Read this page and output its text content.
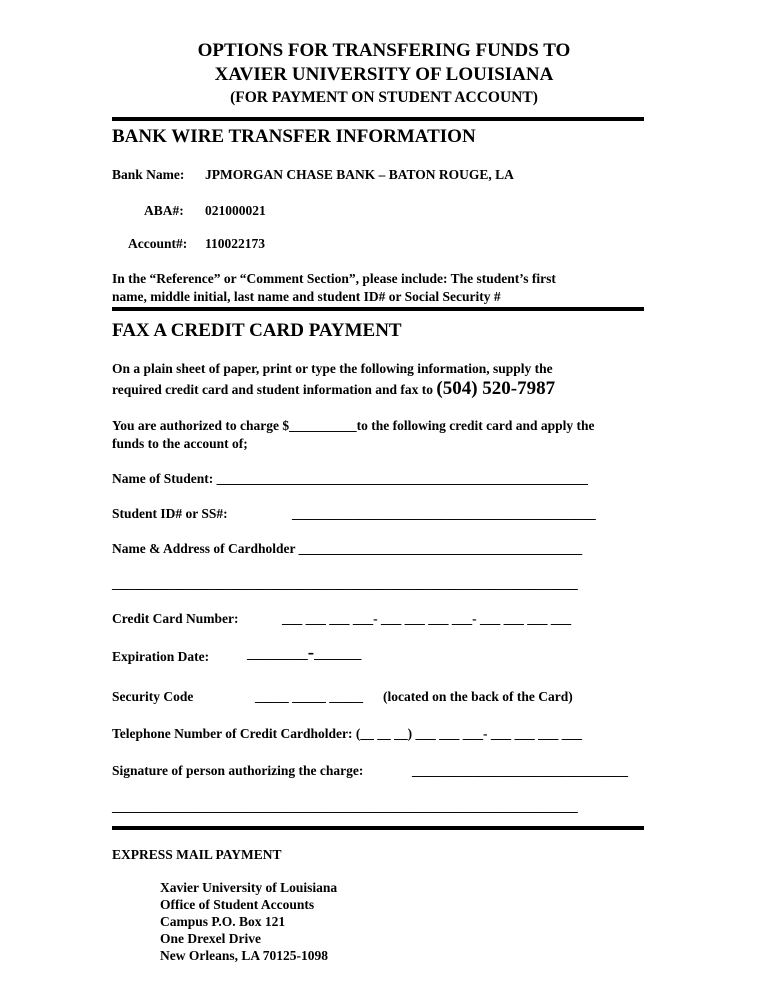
OPTIONS FOR TRANSFERING FUNDS TO
XAVIER UNIVERSITY OF LOUISIANA
(FOR PAYMENT ON STUDENT ACCOUNT)
BANK WIRE TRANSFER INFORMATION
Bank Name: JPMORGAN CHASE BANK – BATON ROUGE, LA
ABA#: 021000021
Account#: 110022173
In the “Reference” or “Comment Section”, please include: The student’s first
name, middle initial, last name and student ID# or Social Security #
FAX A CREDIT CARD PAYMENT
On a plain sheet of paper, print or type the following information, supply the
required credit card and student information and fax to (504) 520-7987
You are authorized to charge $__________to the following credit card and apply the
funds to the account of;
Name of Student: _______________________________________________________
Student ID# or SS#:	_____________________________________________
Name & Address of Cardholder __________________________________________
_____________________________________________________________________
Credit Card Number:	___ ___ ___ ___- ___ ___ ___ ___- ___ ___ ___ ___
Expiration Date:	_________-_______
Security Code	_____ _____ _____ (located on the back of the Card)
Telephone Number of Credit Cardholder: (__ __ __) ___ ___ ___- ___ ___ ___ ___
Signature of person authorizing the charge:	________________________________
_____________________________________________________________________
EXPRESS MAIL PAYMENT
Xavier University of Louisiana
Office of Student Accounts
Campus P.O. Box 121
One Drexel Drive
New Orleans, LA 70125-1098
